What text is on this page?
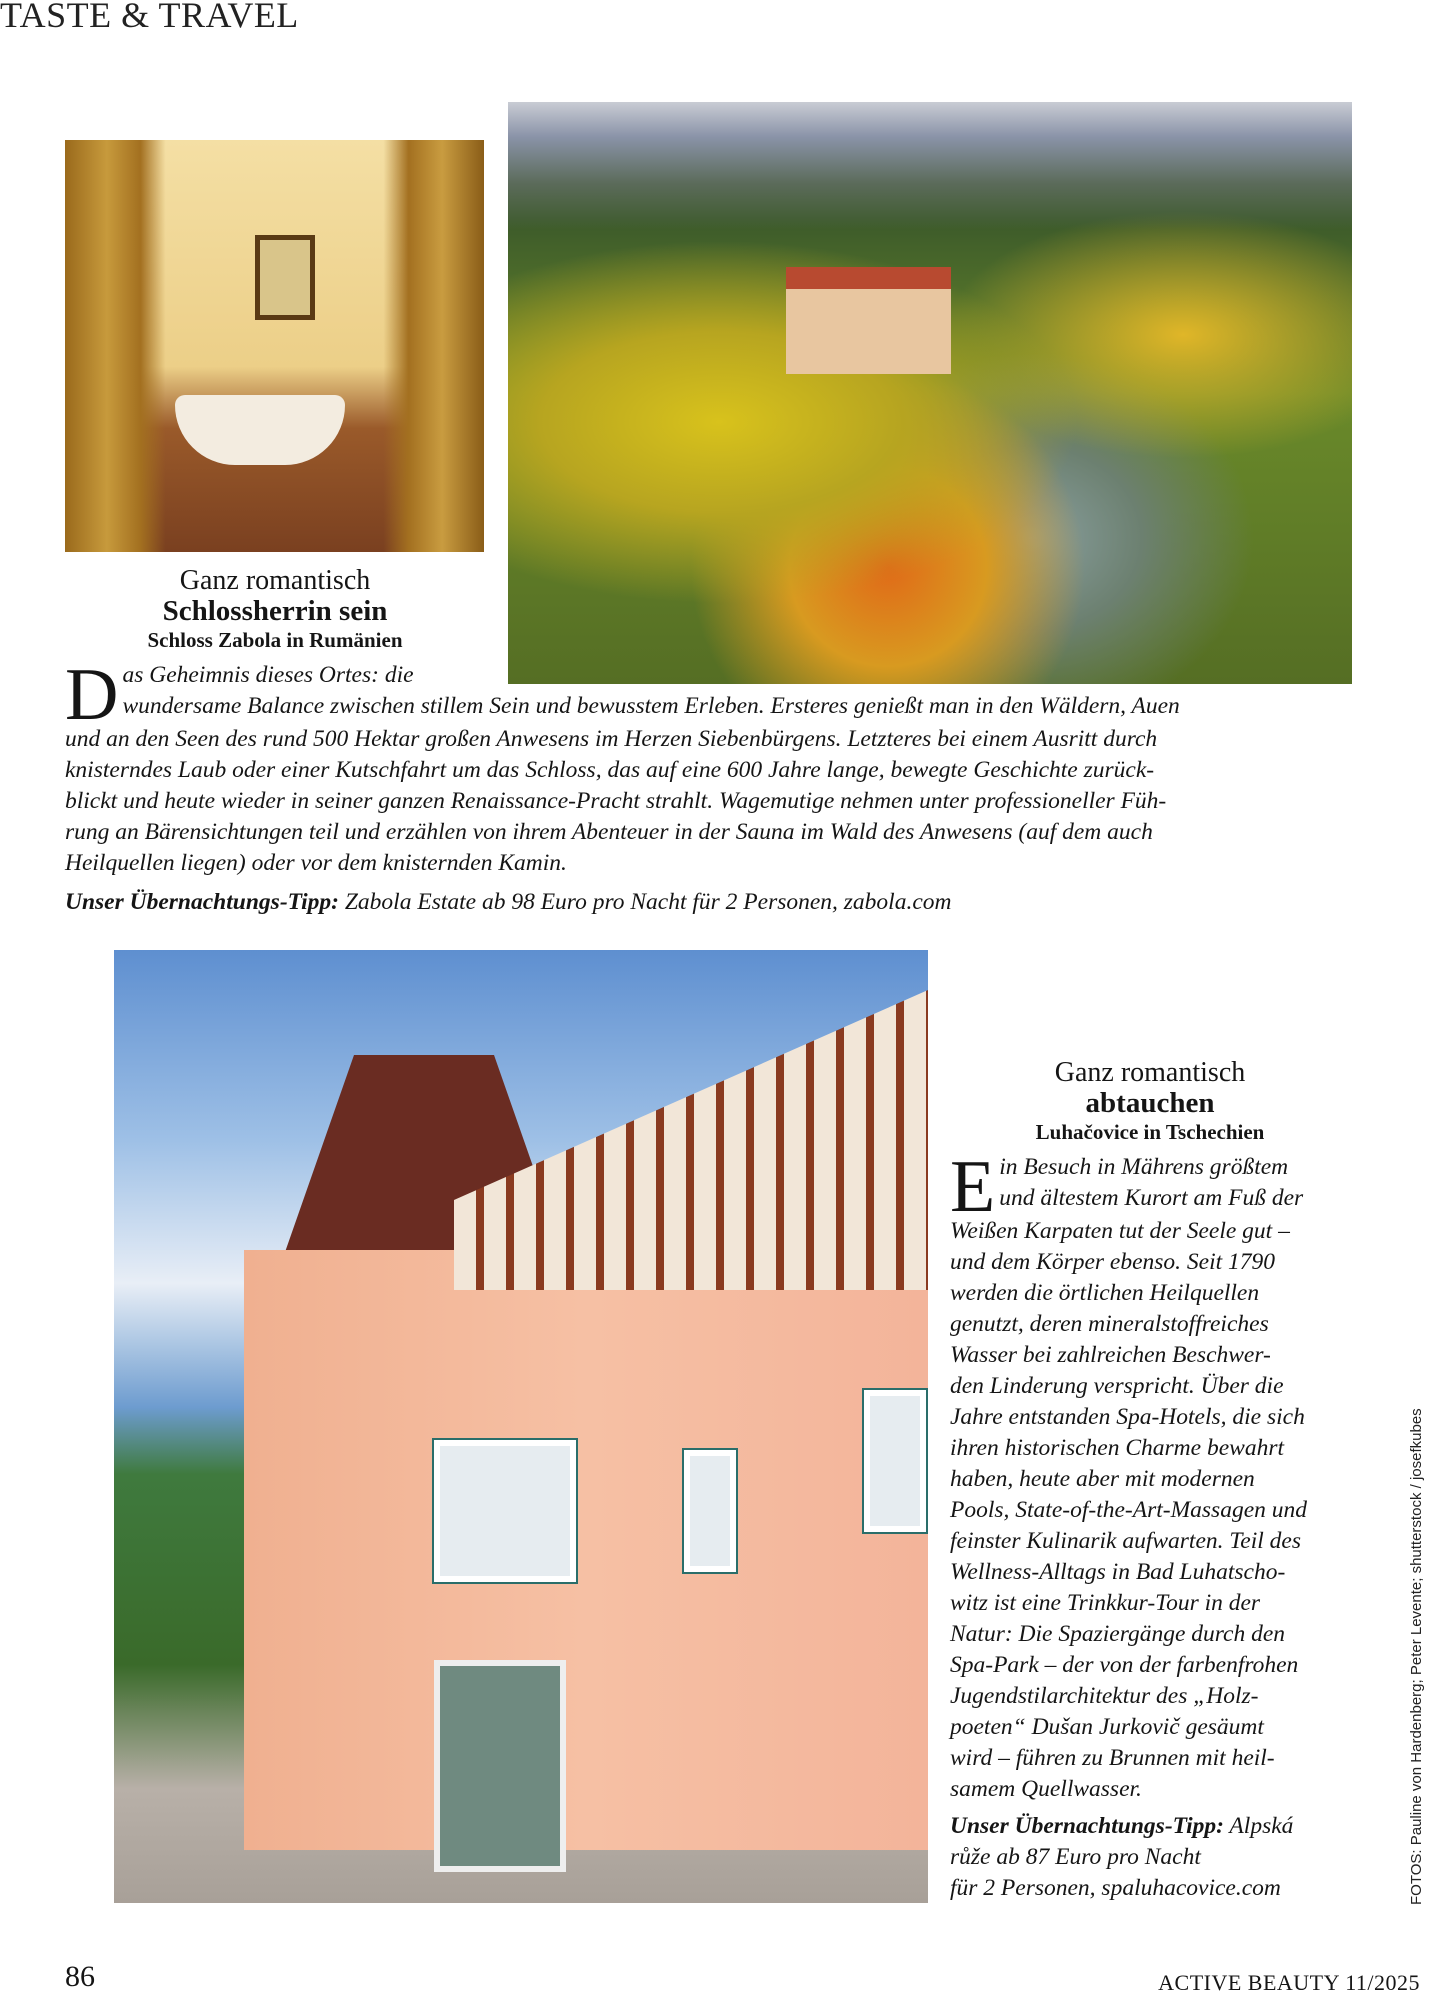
TASTE & TRAVEL
Ganz romantisch
Schlossherrin sein
Schloss Zabola in Rumänien
D as Geheimnis dieses Ortes: die
wundersame Balance zwischen stillem Sein und bewusstem Erleben. Ersteres genießt man in den Wäldern, Auen
und an den Seen des rund 500 Hektar großen Anwesens im Herzen Siebenbürgens. Letzteres bei einem Ausritt durch
knisterndes Laub oder einer Kutschfahrt um das Schloss, das auf eine 600 Jahre lange, bewegte Geschichte zurück-
blickt und heute wieder in seiner ganzen Renaissance-Pracht strahlt. Wagemutige nehmen unter professioneller Füh-
rung an Bärensichtungen teil und erzählen von ihrem Abenteuer in der Sauna im Wald des Anwesens (auf dem auch
Heilquellen liegen) oder vor dem knisternden Kamin.
Unser Übernachtungs-Tipp: Zabola Estate ab 98 Euro pro Nacht für 2 Personen, zabola.com
Ganz romantisch
abtauchen
Luhačovice in Tschechien
E in Besuch in Mährens größtem
und ältestem Kurort am Fuß der
Weißen Karpaten tut der Seele gut –
und dem Körper ebenso. Seit 1790
werden die örtlichen Heilquellen
genutzt, deren mineralstoffreiches
Wasser bei zahlreichen Beschwer-
den Linderung verspricht. Über die
Jahre entstanden Spa-Hotels, die sich
ihren historischen Charme bewahrt
haben, heute aber mit modernen
Pools, State-of-the-Art-Massagen und
feinster Kulinarik aufwarten. Teil des
Wellness-Alltags in Bad Luhatscho-
witz ist eine Trinkkur-Tour in der
Natur: Die Spaziergänge durch den
Spa-Park – der von der farbenfrohen
Jugendstilarchitektur des „Holz-
poeten“ Dušan Jurkovič gesäumt
wird – führen zu Brunnen mit heil-
samem Quellwasser.
Unser Übernachtungs-Tipp: Alpská
růže ab 87 Euro pro Nacht
für 2 Personen, spaluhacovice.com	FOTOS: Pauline von Hardenberg; Peter Levente; shutterstock / josefkubes
86	ACTIVE BEAUTY 11/2025
